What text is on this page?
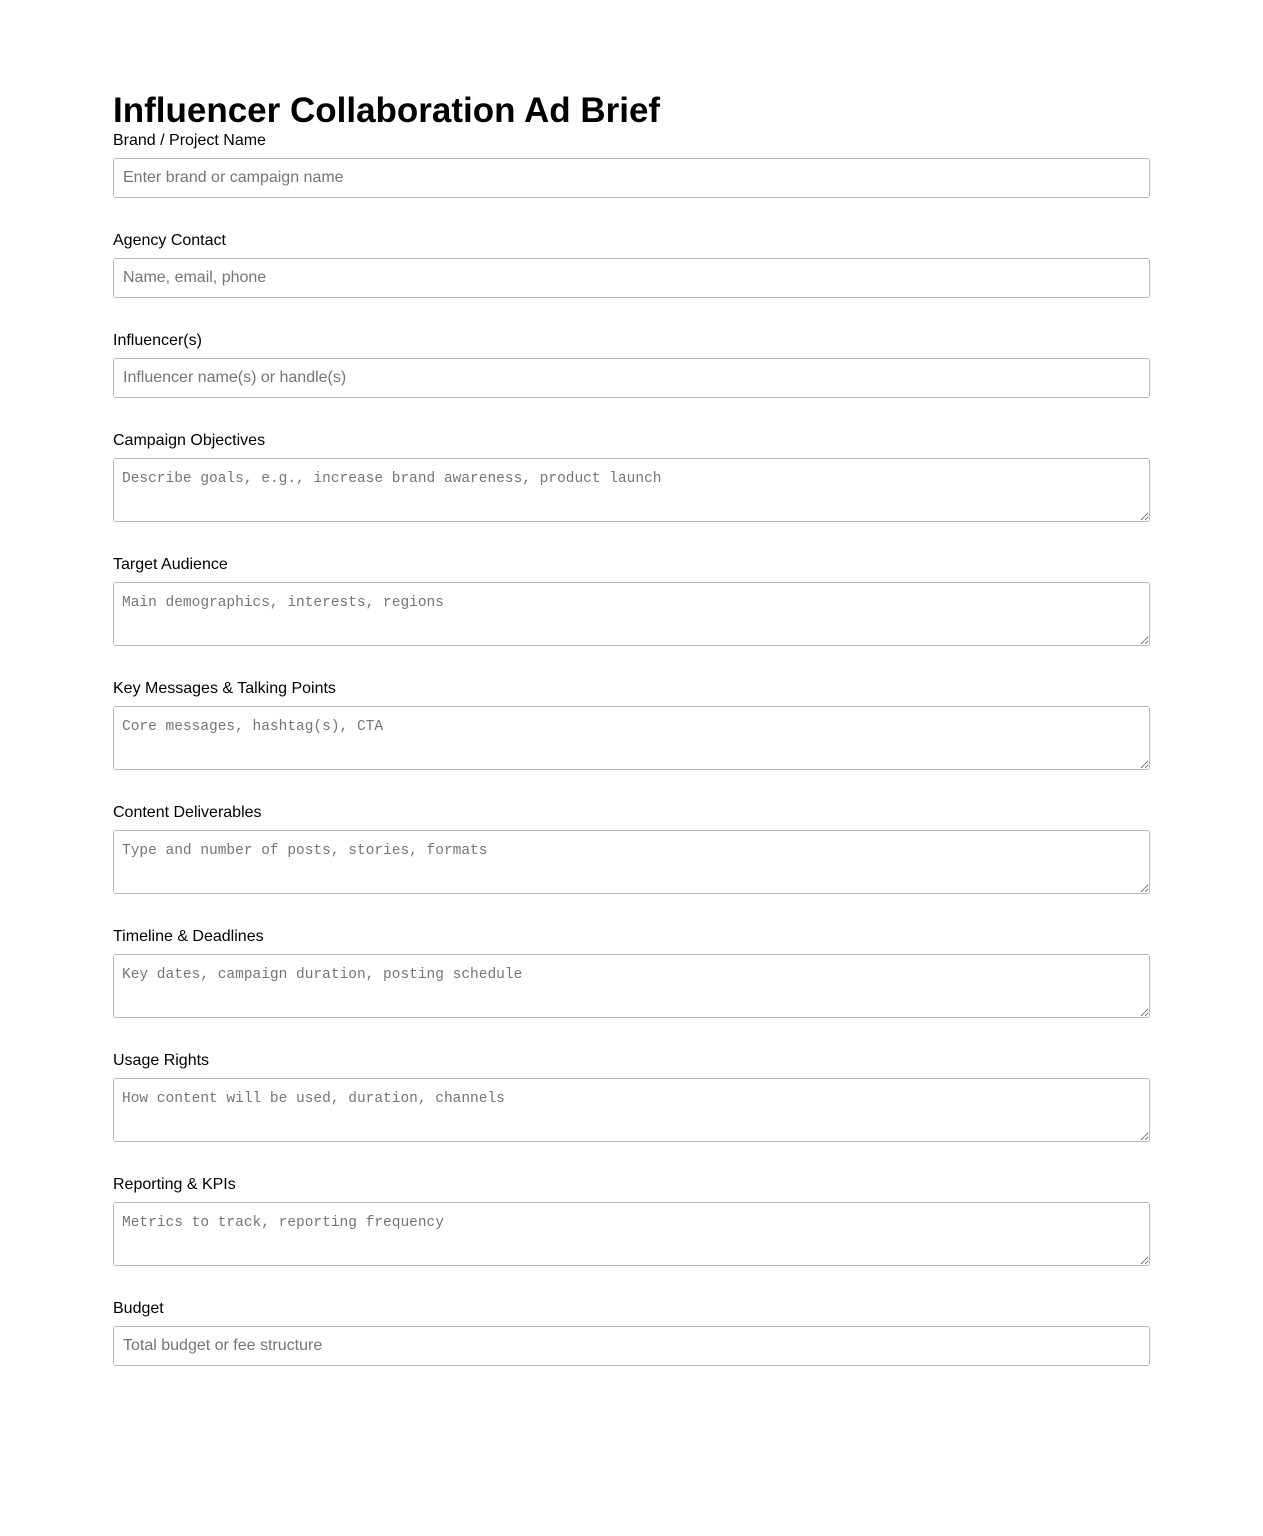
Influencer Collaboration Ad Brief
Brand / Project Name
Enter brand or campaign name
Agency Contact
Name, email, phone
Influencer(s)
Influencer name(s) or handle(s)
Campaign Objectives
Describe goals, e.g., increase brand awareness, product launch
Target Audience
Main demographics, interests, regions
Key Messages & Talking Points
Core messages, hashtag(s), CTA
Content Deliverables
Type and number of posts, stories, formats
Timeline & Deadlines
Key dates, campaign duration, posting schedule
Usage Rights
How content will be used, duration, channels
Reporting & KPIs
Metrics to track, reporting frequency
Budget
Total budget or fee structure
